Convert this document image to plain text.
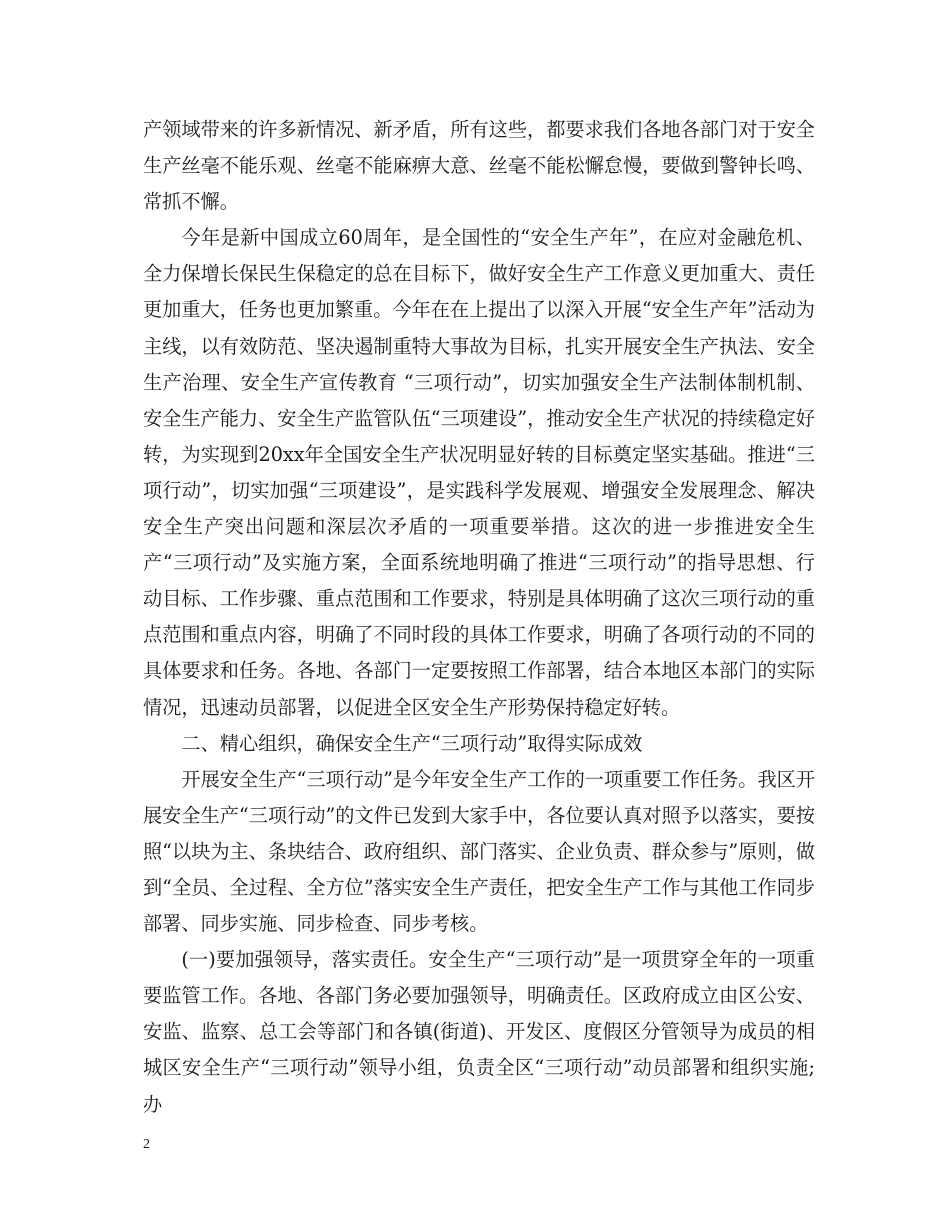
产领域带来的许多新情况、新矛盾，所有这些，都要求我们各地各部门对于安全生产丝毫不能乐观、丝毫不能麻痹大意、丝毫不能松懈怠慢，要做到警钟长鸣、常抓不懈。

今年是新中国成立60周年，是全国性的“安全生产年”，在应对金融危机、全力保增长保民生保稳定的总在目标下，做好安全生产工作意义更加重大、责任更加重大，任务也更加繁重。今年在在上提出了以深入开展“安全生产年”活动为主线，以有效防范、坚决遏制重特大事故为目标，扎实开展安全生产执法、安全生产治理、安全生产宣传教育 “三项行动”，切实加强安全生产法制体制机制、安全生产能力、安全生产监管队伍“三项建设”，推动安全生产状况的持续稳定好转，为实现到20xx年全国安全生产状况明显好转的目标奠定坚实基础。推进“三项行动”，切实加强“三项建设”，是实践科学发展观、增强安全发展理念、解决安全生产突出问题和深层次矛盾的一项重要举措。这次的进一步推进安全生产“三项行动”及实施方案，全面系统地明确了推进“三项行动”的指导思想、行动目标、工作步骤、重点范围和工作要求，特别是具体明确了这次三项行动的重点范围和重点内容，明确了不同时段的具体工作要求，明确了各项行动的不同的具体要求和任务。各地、各部门一定要按照工作部署，结合本地区本部门的实际情况，迅速动员部署，以促进全区安全生产形势保持稳定好转。

二、精心组织，确保安全生产“三项行动”取得实际成效

开展安全生产“三项行动”是今年安全生产工作的一项重要工作任务。我区开展安全生产“三项行动”的文件已发到大家手中，各位要认真对照予以落实，要按照“以块为主、条块结合、政府组织、部门落实、企业负责、群众参与”原则，做到“全员、全过程、全方位”落实安全生产责任，把安全生产工作与其他工作同步部署、同步实施、同步检查、同步考核。

(一)要加强领导，落实责任。安全生产“三项行动”是一项贯穿全年的一项重要监管工作。各地、各部门务必要加强领导，明确责任。区政府成立由区公安、安监、监察、总工会等部门和各镇(街道)、开发区、度假区分管领导为成员的相城区安全生产“三项行动”领导小组，负责全区“三项行动”动员部署和组织实施;办

2
